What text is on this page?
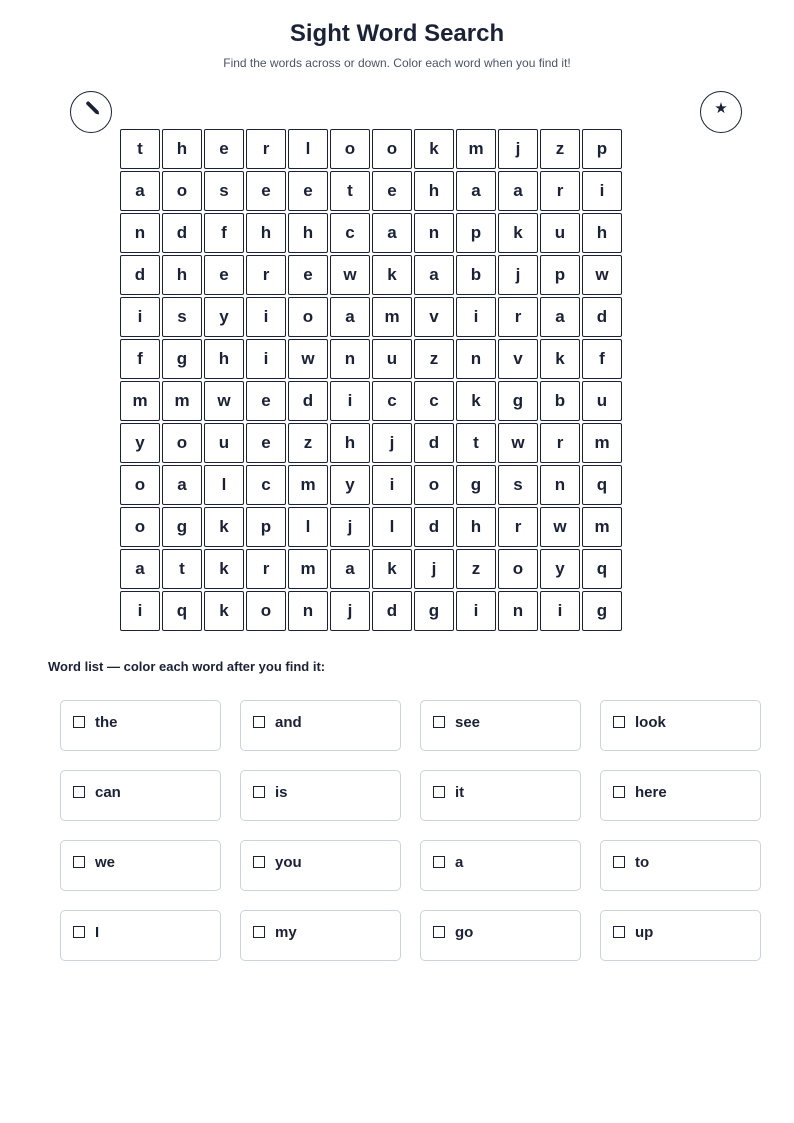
Sight Word Search

Find the words across or down. Color each word when you find it!

★
t	h	e	r	l	o	o	k	m	j	z	p
a	o	s	e	e	t	e	h	a	a	r	i
n	d	f	h	h	c	a	n	p	k	u	h
d	h	e	r	e	w	k	a	b	j	p	w
i	s	y	i	o	a	m	v	i	r	a	d
f	g	h	i	w	n	u	z	n	v	k	f
m	m	w	e	d	i	c	c	k	g	b	u
y	o	u	e	z	h	j	d	t	w	r	m
o	a	l	c	m	y	i	o	g	s	n	q
o	g	k	p	l	j	l	d	h	r	w	m
a	t	k	r	m	a	k	j	z	o	y	q
i	q	k	o	n	j	d	g	i	n	i	g

Word list — color each word after you find it:

the	and	see	look
can	is	it	here
we	you	a	to
I	my	go	up
